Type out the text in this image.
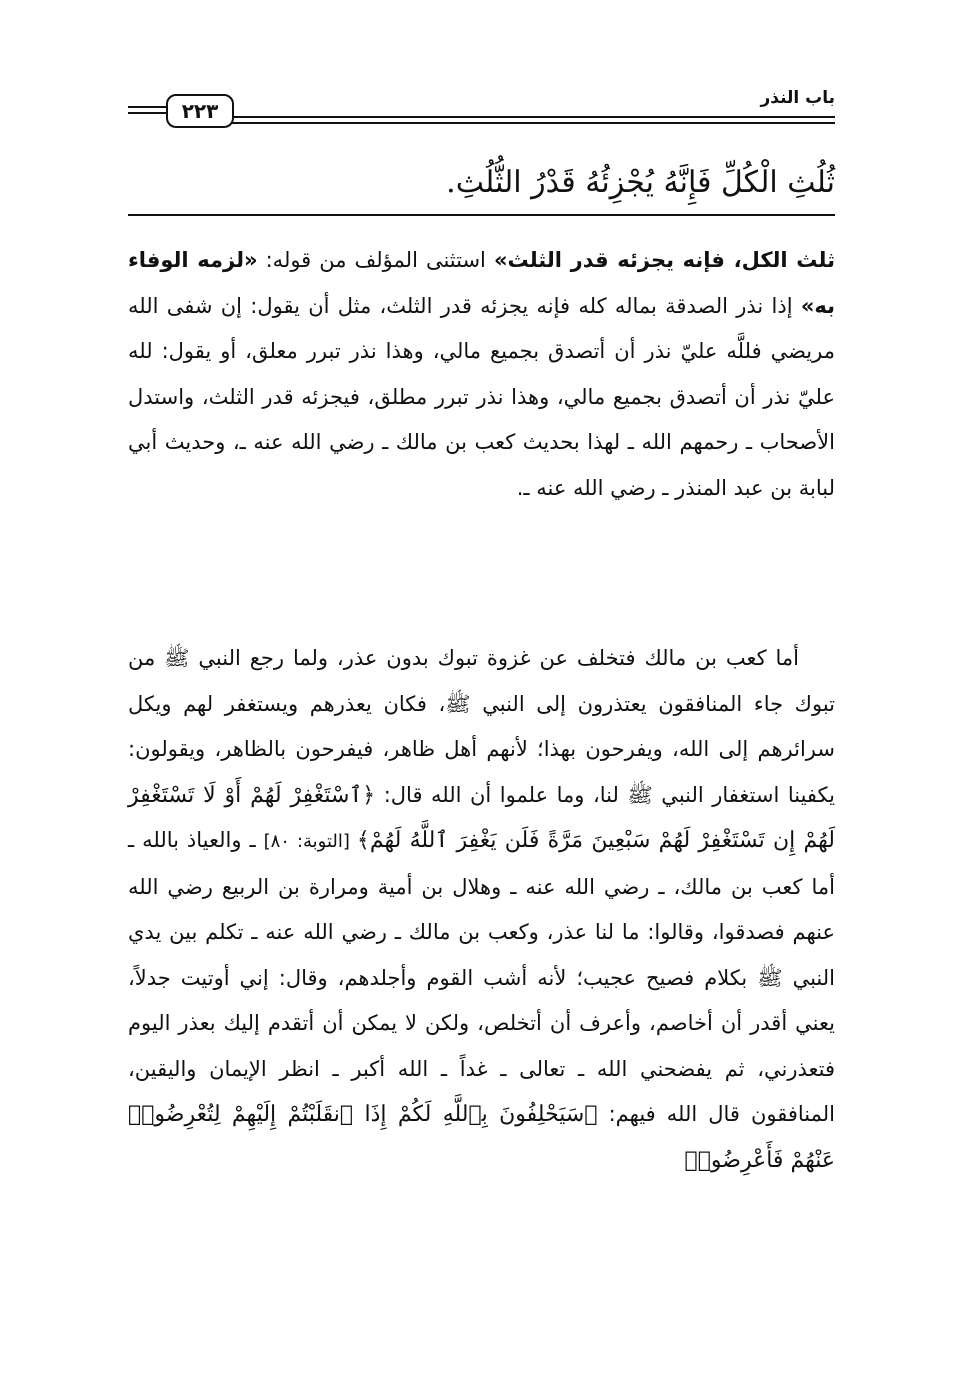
باب النذر
٢٢٣
ثُلُثِ الْكُلِّ فَإِنَّهُ يُجْزِئُهُ قَدْرُ الثُّلُثِ.

ثلث الكل، فإنه يجزئه قدر الثلث» استثنى المؤلف من قوله: «لزمه الوفاء به» إذا نذر الصدقة بماله كله فإنه يجزئه قدر الثلث، مثل أن يقول: إن شفى الله مريضي فللَّه عليّ نذر أن أتصدق بجميع مالي، وهذا نذر تبرر معلق، أو يقول: لله عليّ نذر أن أتصدق بجميع مالي، وهذا نذر تبرر مطلق، فيجزئه قدر الثلث، واستدل الأصحاب ـ رحمهم الله ـ لهذا بحديث كعب بن مالك ـ رضي الله عنه ـ، وحديث أبي لبابة بن عبد المنذر ـ رضي الله عنه ـ.

أما كعب بن مالك فتخلف عن غزوة تبوك بدون عذر، ولما رجع النبي ﷺ من تبوك جاء المنافقون يعتذرون إلى النبي ﷺ، فكان يعذرهم ويستغفر لهم ويكل سرائرهم إلى الله، ويفرحون بهذا؛ لأنهم أهل ظاهر، فيفرحون بالظاهر، ويقولون: يكفينا استغفار النبي ﷺ لنا، وما علموا أن الله قال: ﴿ٱسْتَغْفِرْ لَهُمْ أَوْ لَا تَسْتَغْفِرْ لَهُمْ إِن تَسْتَغْفِرْ لَهُمْ سَبْعِينَ مَرَّةً فَلَن يَغْفِرَ ٱللَّهُ لَهُمْ﴾ [التوبة: ٨٠] ـ والعياذ بالله ـ أما كعب بن مالك، ـ رضي الله عنه ـ وهلال بن أمية ومرارة بن الربيع رضي الله عنهم فصدقوا، وقالوا: ما لنا عذر، وكعب بن مالك ـ رضي الله عنه ـ تكلم بين يدي النبي ﷺ بكلام فصيح عجيب؛ لأنه أشب القوم وأجلدهم، وقال: إني أوتيت جدلاً، يعني أقدر أن أخاصم، وأعرف أن أتخلص، ولكن لا يمكن أن أتقدم إليك بعذر اليوم فتعذرني، ثم يفضحني الله ـ تعالى ـ غداً ـ الله أكبر ـ انظر الإيمان واليقين، المنافقون قال الله فيهم: ﴿سَيَحْلِفُونَ بِٱللَّهِ لَكُمْ إِذَا ٱنقَلَبْتُمْ إِلَيْهِمْ لِتُعْرِضُوا۟ عَنْهُمْ فَأَعْرِضُوا۟
